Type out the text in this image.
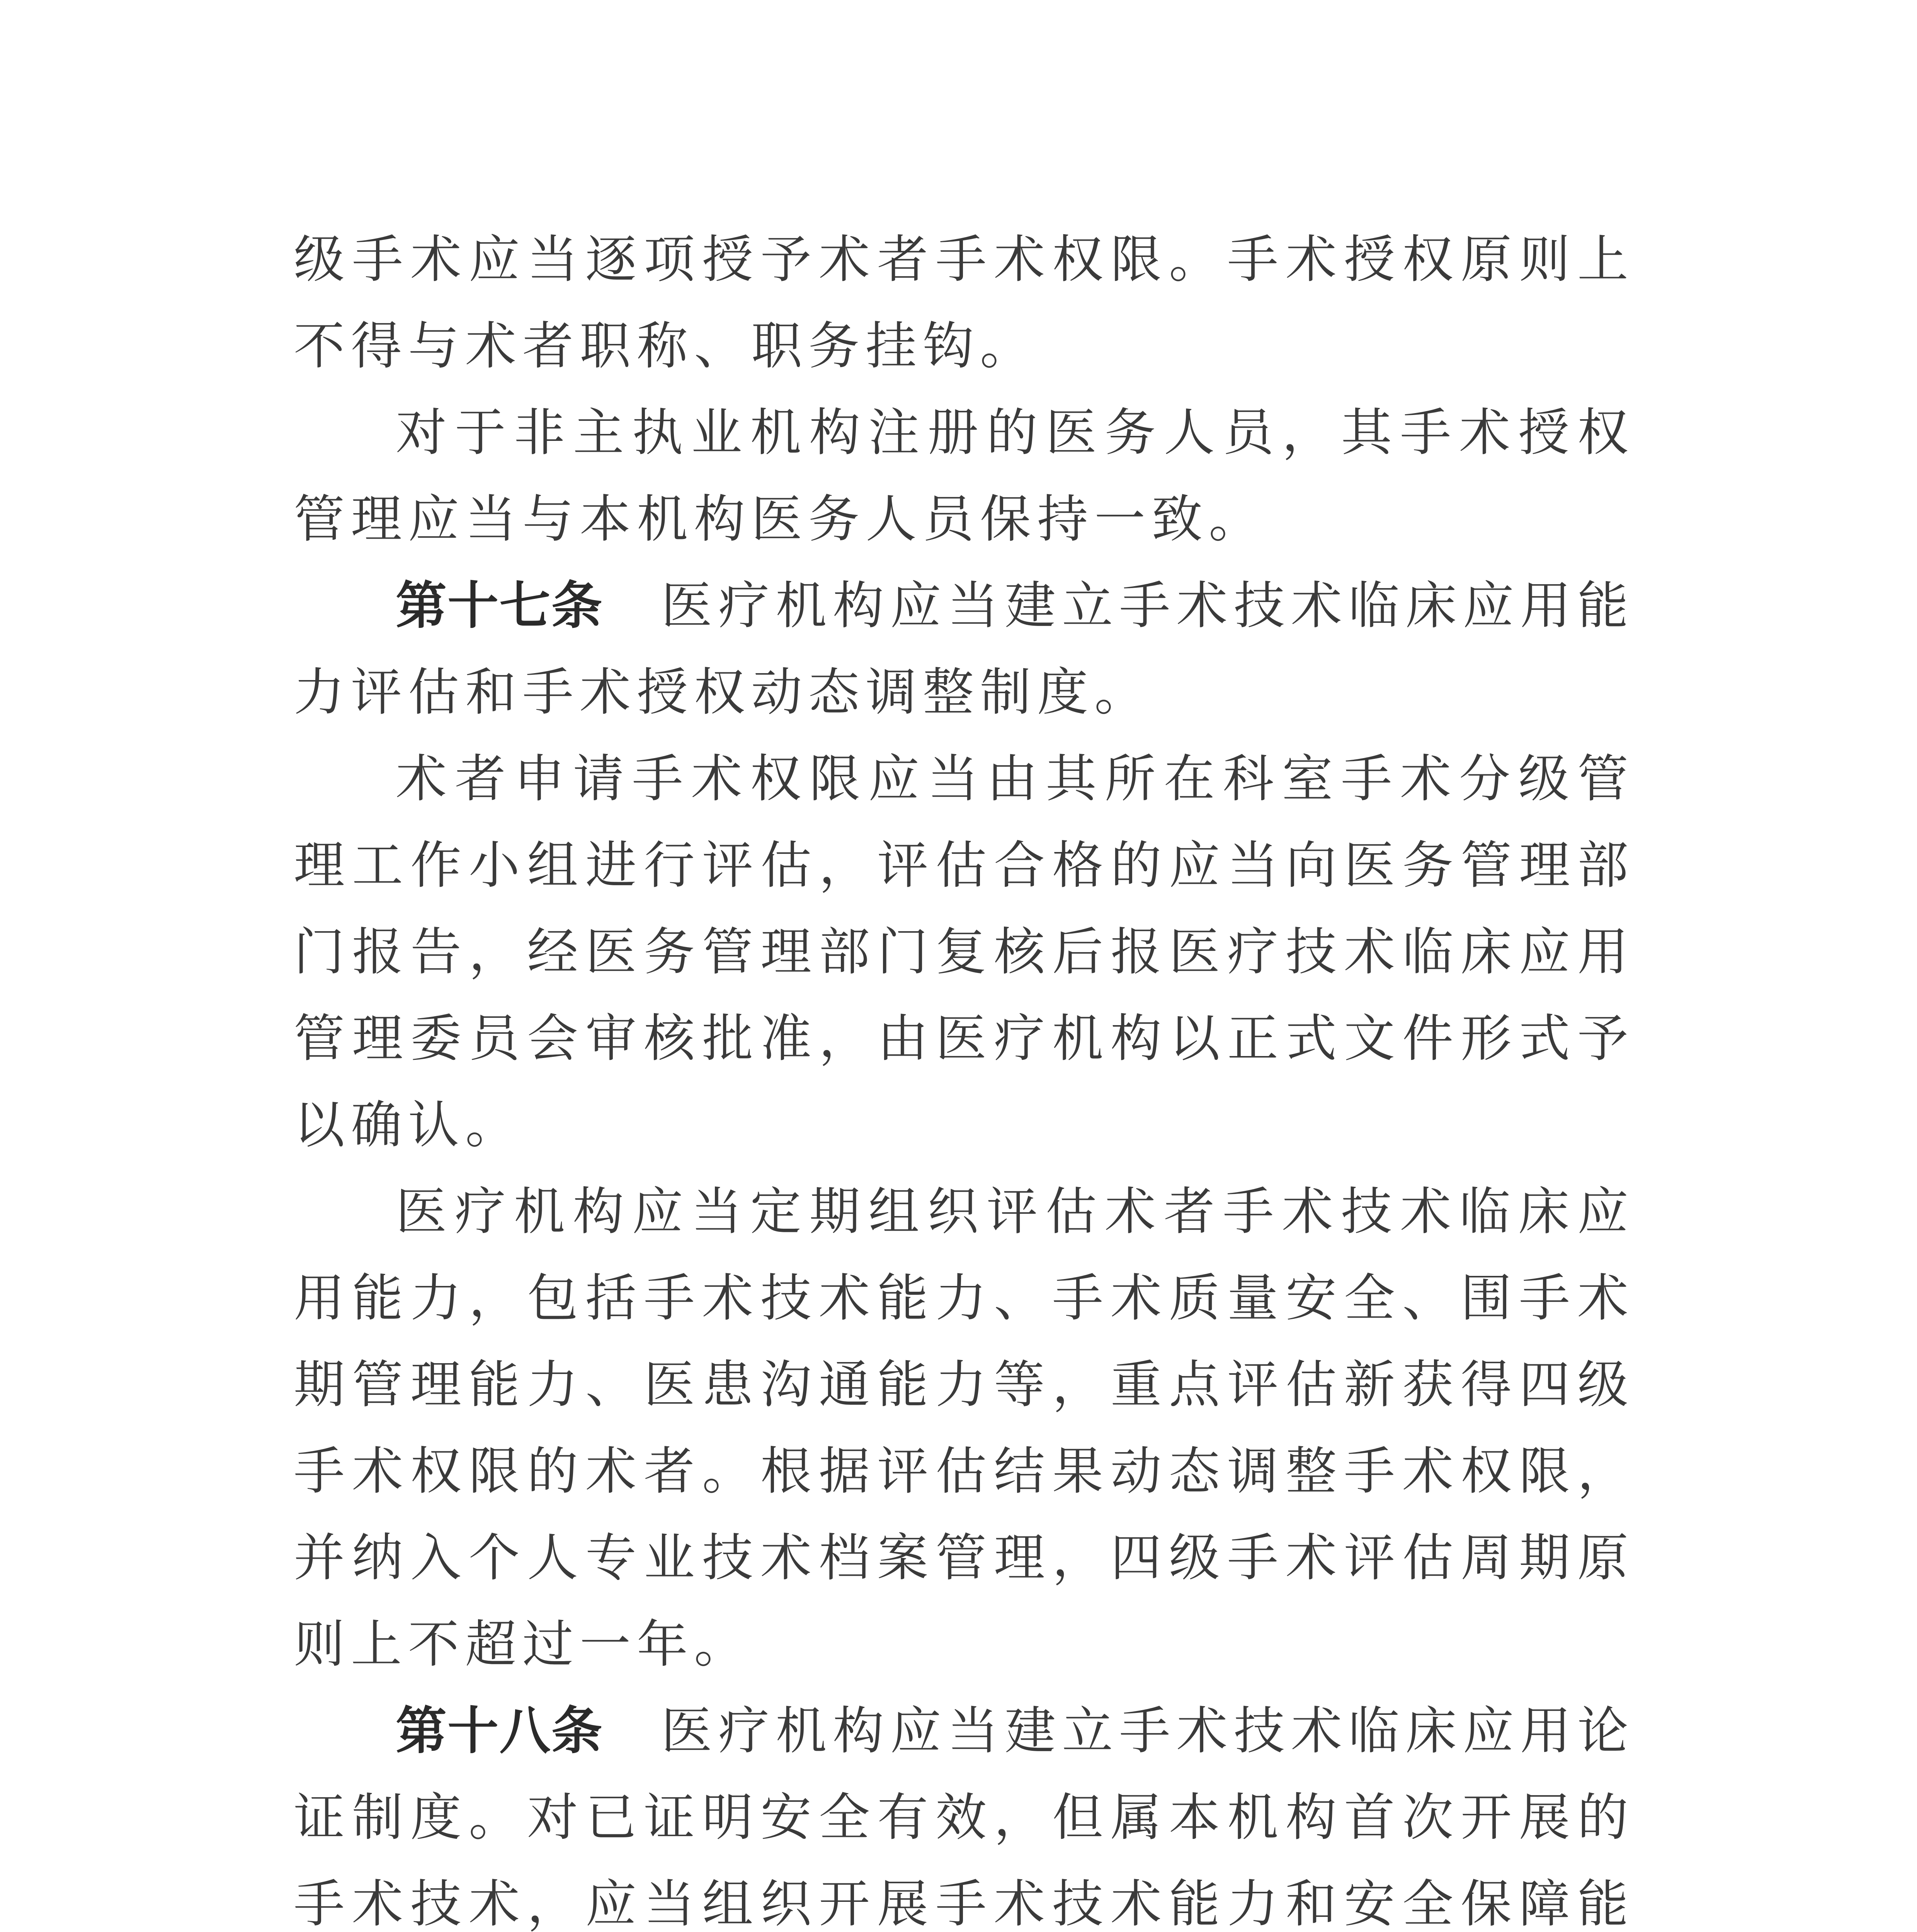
级手术应当逐项授予术者手术权限。手术授权原则上不得与术者职称、职务挂钩。

对于非主执业机构注册的医务人员，其手术授权管理应当与本机构医务人员保持一致。

第十七条 医疗机构应当建立手术技术临床应用能力评估和手术授权动态调整制度。

术者申请手术权限应当由其所在科室手术分级管理工作小组进行评估，评估合格的应当向医务管理部门报告，经医务管理部门复核后报医疗技术临床应用管理委员会审核批准，由医疗机构以正式文件形式予以确认。

医疗机构应当定期组织评估术者手术技术临床应用能力，包括手术技术能力、手术质量安全、围手术期管理能力、医患沟通能力等，重点评估新获得四级手术权限的术者。根据评估结果动态调整手术权限，并纳入个人专业技术档案管理，四级手术评估周期原则上不超过一年。

第十八条 医疗机构应当建立手术技术临床应用论证制度。对已证明安全有效，但属本机构首次开展的手术技术，应当组织开展手术技术能力和安全保障能
